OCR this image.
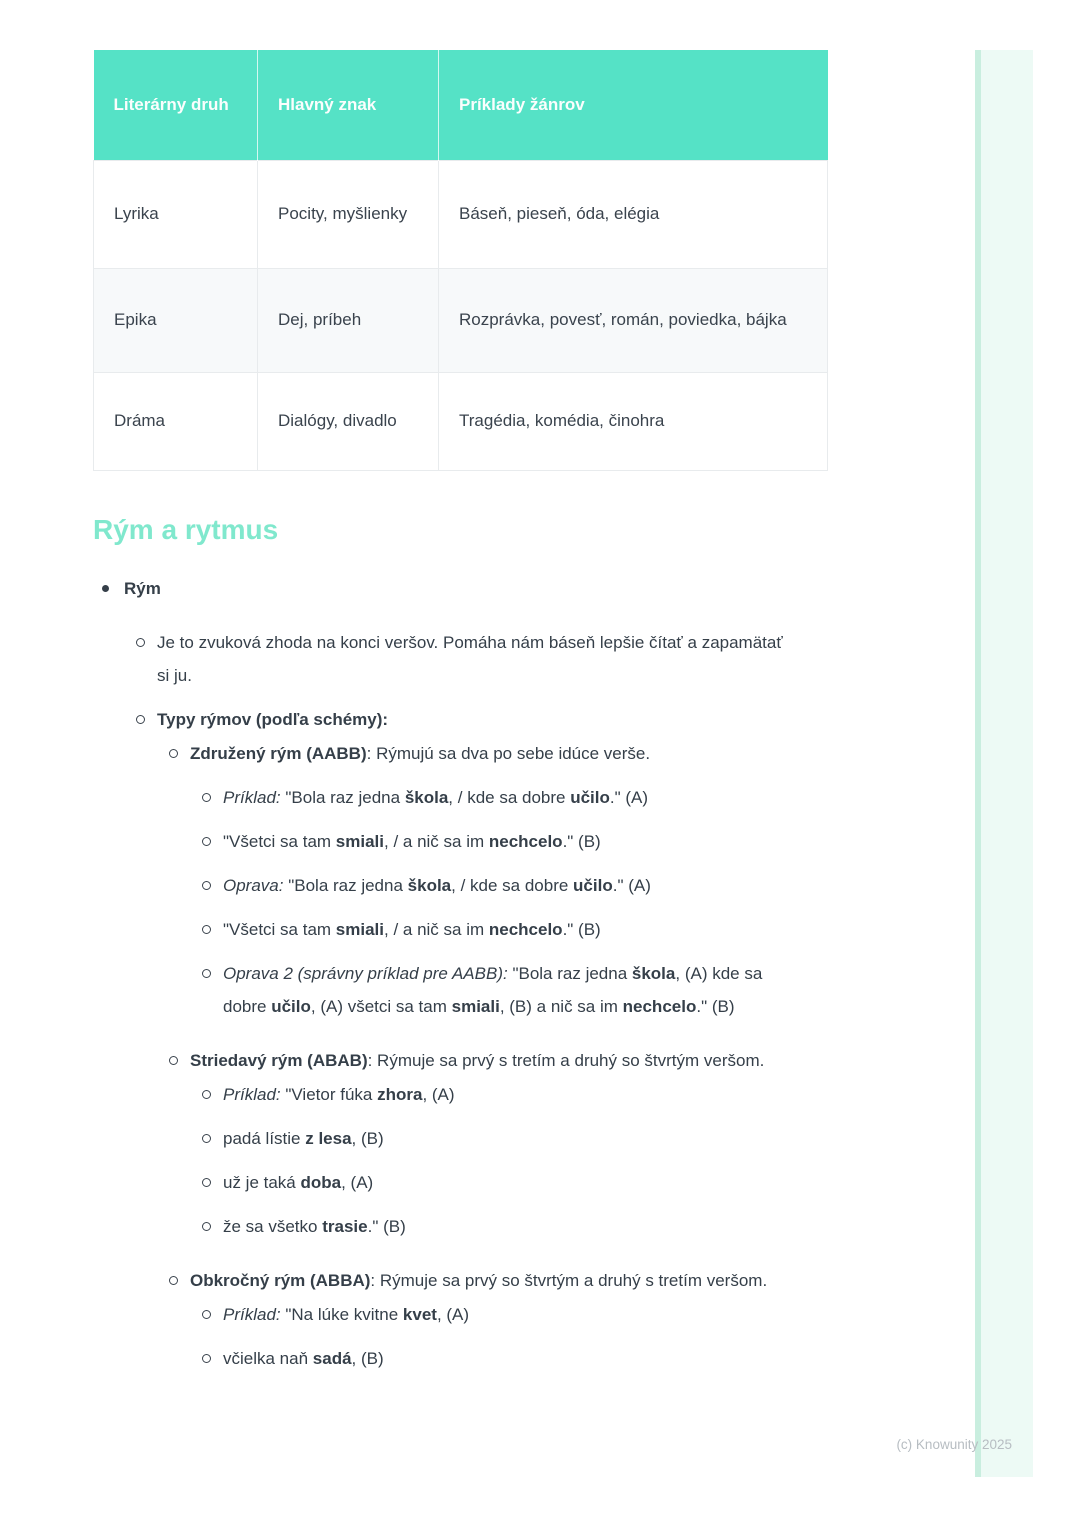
Literárny druh	Hlavný znak	Príklady žánrov
Lyrika	Pocity, myšlienky	Báseň, pieseň, óda, elégia
Epika	Dej, príbeh	Rozprávka, povesť, román, poviedka, bájka
Dráma	Dialógy, divadlo	Tragédia, komédia, činohra
Rým a rytmus
Rým
Je to zvuková zhoda na konci veršov. Pomáha nám báseň lepšie čítať a zapamätať si ju.
Typy rýmov (podľa schémy):
Združený rým (AABB): Rýmujú sa dva po sebe idúce verše.
Príklad: "Bola raz jedna škola, / kde sa dobre učilo." (A)
"Všetci sa tam smiali, / a nič sa im nechcelo." (B)
Oprava: "Bola raz jedna škola, / kde sa dobre učilo." (A)
"Všetci sa tam smiali, / a nič sa im nechcelo." (B)
Oprava 2 (správny príklad pre AABB): "Bola raz jedna škola, (A) kde sa dobre učilo, (A) všetci sa tam smiali, (B) a nič sa im nechcelo." (B)
Striedavý rým (ABAB): Rýmuje sa prvý s tretím a druhý so štvrtým veršom.
Príklad: "Vietor fúka zhora, (A)
padá lístie z lesa, (B)
už je taká doba, (A)
že sa všetko trasie." (B)
Obkročný rým (ABBA): Rýmuje sa prvý so štvrtým a druhý s tretím veršom.
Príklad: "Na lúke kvitne kvet, (A)
včielka naň sadá, (B)
(c) Knowunity 2025
